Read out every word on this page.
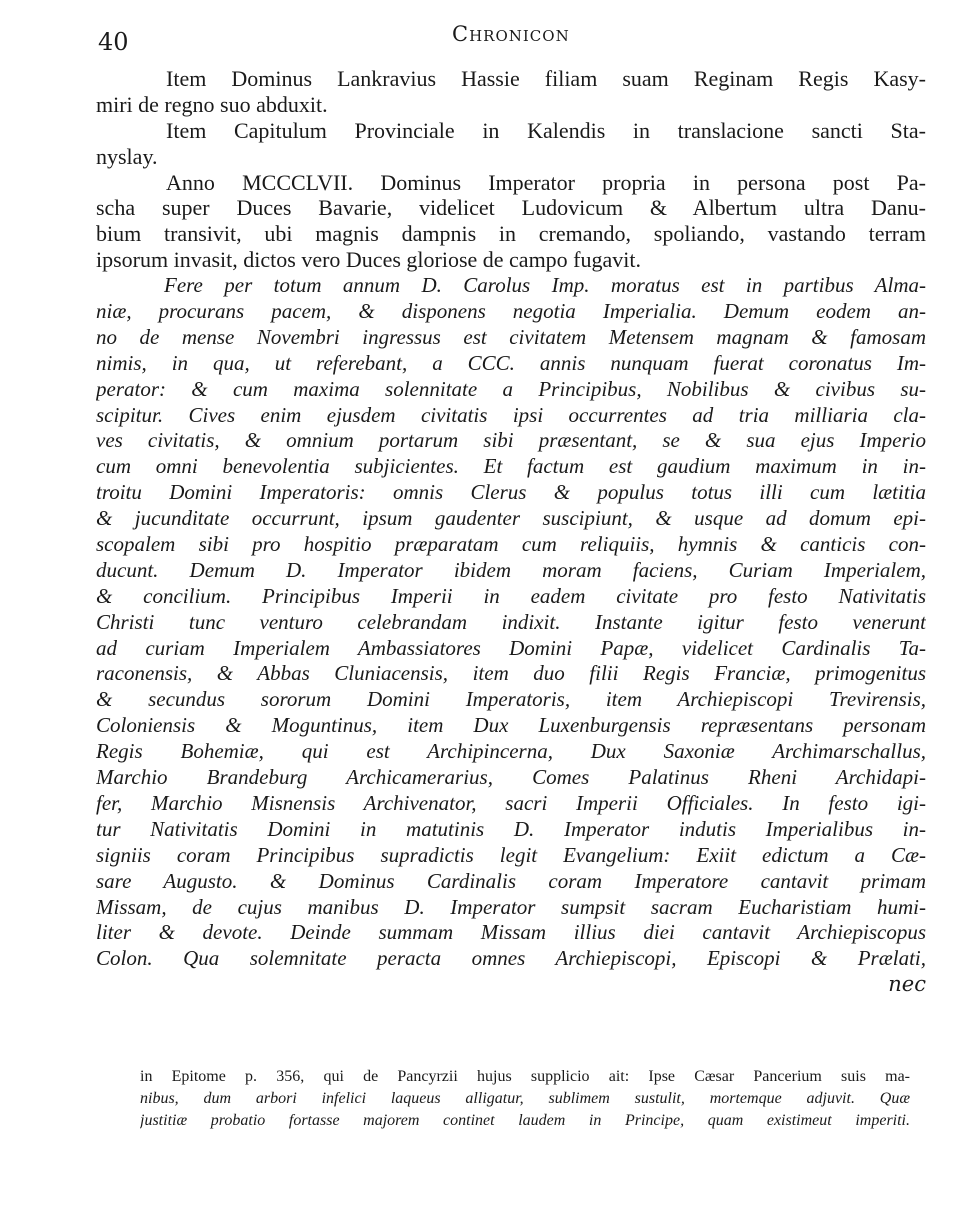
40	Chronicon
Item Dominus Lankravius Hassie filiam suam Reginam Regis Kasy-
miri de regno suo abduxit.
Item Capitulum Provinciale in Kalendis in translacione sancti Sta-
nyslay.
Anno MCCCLVII. Dominus Imperator propria in persona post Pa-
scha super Duces Bavarie, videlicet Ludovicum & Albertum ultra Danu-
bium transivit, ubi magnis dampnis in cremando, spoliando, vastando terram
ipsorum invasit, dictos vero Duces gloriose de campo fugavit.
Fere per totum annum D. Carolus Imp. moratus est in partibus Alma-
niæ, procurans pacem, & disponens negotia Imperialia. Demum eodem an-
no de mense Novembri ingressus est civitatem Metensem magnam & famosam
nimis, in qua, ut referebant, a CCC. annis nunquam fuerat coronatus Im-
perator: & cum maxima solennitate a Principibus, Nobilibus & civibus su-
scipitur. Cives enim ejusdem civitatis ipsi occurrentes ad tria milliaria cla-
ves civitatis, & omnium portarum sibi præsentant, se & sua ejus Imperio
cum omni benevolentia subjicientes. Et factum est gaudium maximum in in-
troitu Domini Imperatoris: omnis Clerus & populus totus illi cum lætitia
& jucunditate occurrunt, ipsum gaudenter suscipiunt, & usque ad domum epi-
scopalem sibi pro hospitio præparatam cum reliquiis, hymnis & canticis con-
ducunt. Demum D. Imperator ibidem moram faciens, Curiam Imperialem,
& concilium. Principibus Imperii in eadem civitate pro festo Nativitatis
Christi tunc venturo celebrandam indixit. Instante igitur festo venerunt
ad curiam Imperialem Ambassiatores Domini Papæ, videlicet Cardinalis Ta-
raconensis, & Abbas Cluniacensis, item duo filii Regis Franciæ, primogenitus
& secundus sororum Domini Imperatoris, item Archiepiscopi Trevirensis,
Coloniensis & Moguntinus, item Dux Luxenburgensis repræsentans personam
Regis Bohemiæ, qui est Archipincerna, Dux Saxoniæ Archimarschallus,
Marchio Brandeburg Archicamerarius, Comes Palatinus Rheni Archidapi-
fer, Marchio Misnensis Archivenator, sacri Imperii Officiales. In festo igi-
tur Nativitatis Domini in matutinis D. Imperator indutis Imperialibus in-
signiis coram Principibus supradictis legit Evangelium: Exiit edictum a Cæ-
sare Augusto. & Dominus Cardinalis coram Imperatore cantavit primam
Missam, de cujus manibus D. Imperator sumpsit sacram Eucharistiam humi-
liter & devote. Deinde summam Missam illius diei cantavit Archiepiscopus
Colon. Qua solemnitate peracta omnes Archiepiscopi, Episcopi & Prælati,
nec
in Epitome p. 356, qui de Pancyrzii hujus supplicio ait: Ipse Cæsar Pancerium suis ma-
nibus, dum arbori infelici laqueus alligatur, sublimem sustulit, mortemque adjuvit. Quæ
justitiæ probatio fortasse majorem continet laudem in Principe, quam existimeut imperiti.
